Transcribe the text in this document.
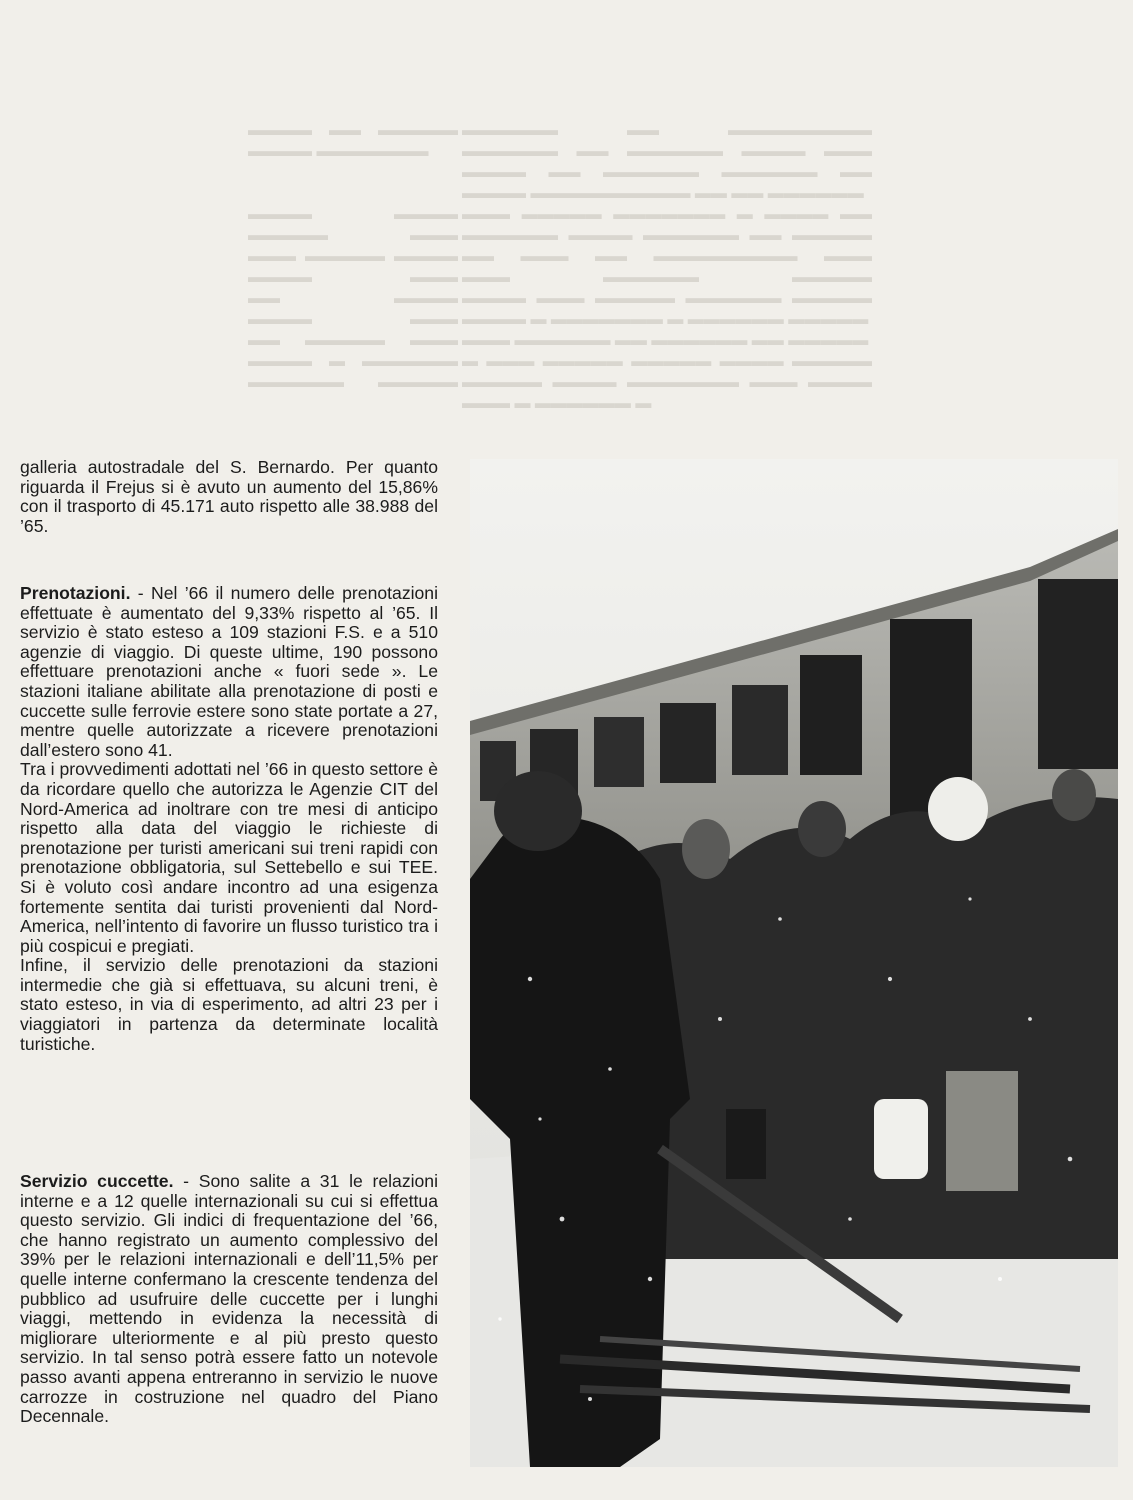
▬▬▬▬ ▬▬ ▬▬▬▬▬
▬▬▬▬ ▬▬▬▬▬▬▬

▬▬▬▬ ▬▬▬▬
▬▬▬▬▬ ▬▬▬
▬▬▬ ▬▬▬▬▬ ▬▬▬▬
▬▬▬▬ ▬▬▬
▬▬ ▬▬▬▬
▬▬▬▬ ▬▬▬
▬▬ ▬▬▬▬▬ ▬▬▬
▬▬▬▬ ▬ ▬▬▬▬▬▬
▬▬▬▬▬▬ ▬▬▬▬▬
▬▬▬▬▬▬ ▬▬ ▬▬▬▬▬▬▬▬▬
▬▬▬▬▬▬ ▬▬ ▬▬▬▬▬▬ ▬▬▬▬ ▬▬▬
▬▬▬▬ ▬▬ ▬▬▬▬▬▬ ▬▬▬▬▬▬ ▬▬
▬▬▬▬ ▬▬▬▬▬▬▬▬▬▬ ▬▬ ▬▬ ▬▬▬▬▬▬
▬▬▬ ▬▬▬▬▬ ▬▬▬▬▬▬▬ ▬ ▬▬▬▬ ▬▬
▬▬▬▬▬▬ ▬▬▬▬ ▬▬▬▬▬▬ ▬▬ ▬▬▬▬▬
▬▬ ▬▬▬ ▬▬ ▬▬▬▬▬▬▬▬▬ ▬▬▬
▬▬▬ ▬▬▬▬▬▬ ▬▬▬▬▬
▬▬▬▬ ▬▬▬ ▬▬▬▬▬ ▬▬▬▬▬▬ ▬▬▬▬▬
▬▬▬▬ ▬ ▬▬▬▬▬▬▬ ▬ ▬▬▬▬▬▬ ▬▬▬▬▬
▬▬▬ ▬▬▬▬▬▬ ▬▬ ▬▬▬▬▬▬ ▬▬ ▬▬▬▬▬
▬ ▬▬▬ ▬▬▬▬▬ ▬▬▬▬▬ ▬▬▬▬ ▬▬▬▬▬
▬▬▬▬▬ ▬▬▬▬ ▬▬▬▬▬▬▬ ▬▬▬ ▬▬▬▬
▬▬▬ ▬ ▬▬▬▬▬▬ ▬

galleria autostradale del S. Bernardo. Per quanto riguarda il Frejus si è avuto un aumento del 15,86% con il trasporto di 45.171 auto rispetto alle 38.988 del ’65.

Prenotazioni. - Nel ’66 il numero delle prenotazioni effettuate è aumentato del 9,33% rispetto al ’65. Il servizio è stato esteso a 109 stazioni F.S. e a 510 agenzie di viaggio. Di queste ultime, 190 possono effettuare prenotazioni anche « fuori sede ». Le stazioni italiane abilitate alla prenotazione di posti e cuccette sulle ferrovie estere sono state portate a 27, mentre quelle autorizzate a ricevere prenotazioni dall’estero sono 41.

Tra i provvedimenti adottati nel ’66 in questo settore è da ricordare quello che autorizza le Agenzie CIT del Nord-America ad inoltrare con tre mesi di anticipo rispetto alla data del viaggio le richieste di prenotazione per turisti americani sui treni rapidi con prenotazione obbligatoria, sul Settebello e sui TEE. Si è voluto così andare incontro ad una esigenza fortemente sentita dai turisti provenienti dal Nord-America, nell’intento di favorire un flusso turistico tra i più cospicui e pregiati.

Infine, il servizio delle prenotazioni da stazioni intermedie che già si effettuava, su alcuni treni, è stato esteso, in via di esperimento, ad altri 23 per i viaggiatori in partenza da determinate località turistiche.

Servizio cuccette. - Sono salite a 31 le relazioni interne e a 12 quelle internazionali su cui si effettua questo servizio. Gli indici di frequentazione del ’66, che hanno registrato un aumento complessivo del 39% per le relazioni internazionali e dell’11,5% per quelle interne confermano la crescente tendenza del pubblico ad usufruire delle cuccette per i lunghi viaggi, mettendo in evidenza la necessità di migliorare ulteriormente e al più presto questo servizio. In tal senso potrà essere fatto un notevole passo avanti appena entreranno in servizio le nuove carrozze in costruzione nel quadro del Piano Decennale.
